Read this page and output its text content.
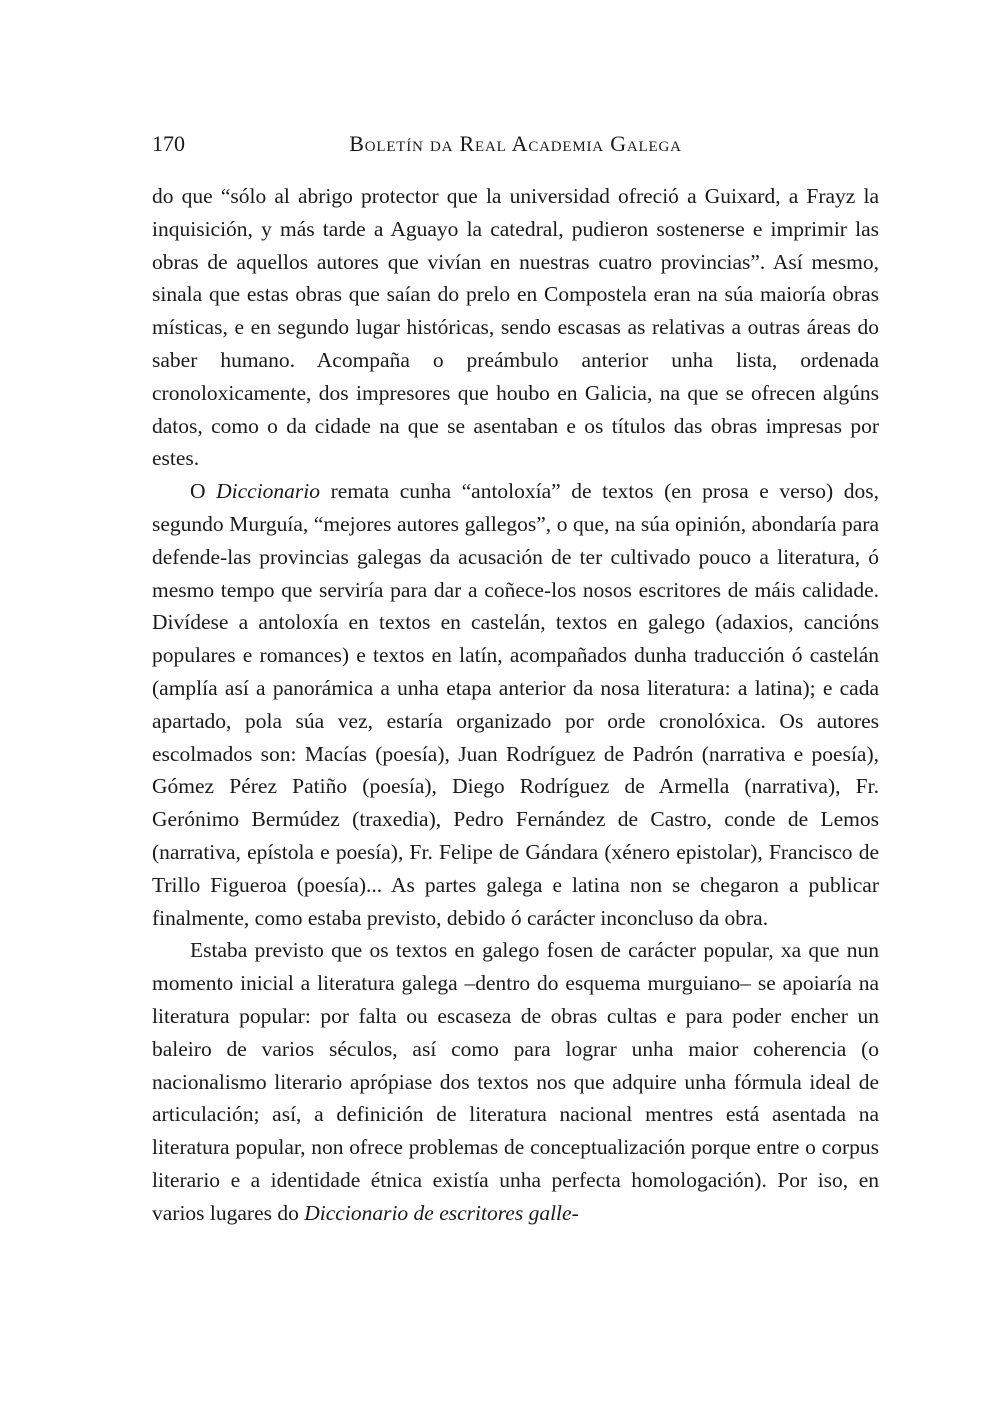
170	Boletín da Real Academia Galega

do que “sólo al abrigo protector que la universidad ofreció a Guixard, a Frayz la inquisición, y más tarde a Aguayo la catedral, pudieron sostenerse e imprimir las obras de aquellos autores que vivían en nuestras cuatro provincias”. Así mesmo, sinala que estas obras que saían do prelo en Compostela eran na súa maioría obras místicas, e en segundo lugar históricas, sendo escasas as relativas a outras áreas do saber humano. Acompaña o preámbulo anterior unha lista, ordenada cronoloxicamente, dos impresores que houbo en Galicia, na que se ofrecen algúns datos, como o da cidade na que se asentaban e os títulos das obras impresas por estes.

O Diccionario remata cunha “antoloxía” de textos (en prosa e verso) dos, segundo Murguía, “mejores autores gallegos”, o que, na súa opinión, abondaría para defende-las provincias galegas da acusación de ter cultivado pouco a literatura, ó mesmo tempo que serviría para dar a coñece-los nosos escritores de máis calidade. Divídese a antoloxía en textos en castelán, textos en galego (adaxios, cancións populares e romances) e textos en latín, acompañados dunha traducción ó castelán (amplía así a panorámica a unha etapa anterior da nosa literatura: a latina); e cada apartado, pola súa vez, estaría organizado por orde cronolóxica. Os autores escolmados son: Macías (poesía), Juan Rodríguez de Padrón (narrativa e poesía), Gómez Pérez Patiño (poesía), Diego Rodríguez de Armella (narrativa), Fr. Gerónimo Bermúdez (traxedia), Pedro Fernández de Castro, conde de Lemos (narrativa, epístola e poesía), Fr. Felipe de Gándara (xénero epistolar), Francisco de Trillo Figueroa (poesía)... As partes galega e latina non se chegaron a publicar finalmente, como estaba previsto, debido ó carácter inconcluso da obra.

Estaba previsto que os textos en galego fosen de carácter popular, xa que nun momento inicial a literatura galega –dentro do esquema murguiano– se apoiaría na literatura popular: por falta ou escaseza de obras cultas e para poder encher un baleiro de varios séculos, así como para lograr unha maior coherencia (o nacionalismo literario aprópiase dos textos nos que adquire unha fórmula ideal de articulación; así, a definición de literatura nacional mentres está asentada na literatura popular, non ofrece problemas de conceptualización porque entre o corpus literario e a identidade étnica existía unha perfecta homologación). Por iso, en varios lugares do Diccionario de escritores galle-
